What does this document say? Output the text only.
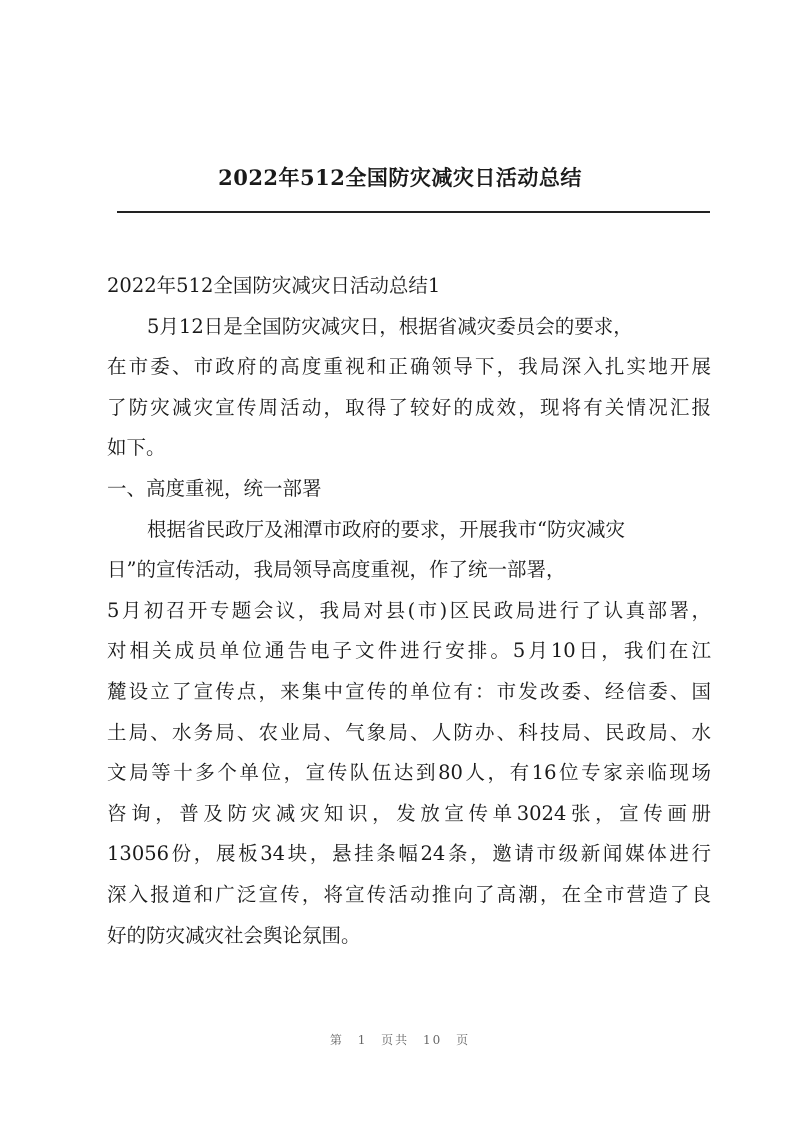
2022年512全国防灾减灾日活动总结

2022年512全国防灾减灾日活动总结1

5月12日是全国防灾减灾日，根据省减灾委员会的要求，
在市委、市政府的高度重视和正确领导下，我局深入扎实地开展
了防灾减灾宣传周活动，取得了较好的成效，现将有关情况汇报
如下。

一、高度重视，统一部署

根据省民政厅及湘潭市政府的要求，开展我市“防灾减灾
日”的宣传活动，我局领导高度重视，作了统一部署，
5月初召开专题会议，我局对县(市)区民政局进行了认真部署，
对相关成员单位通告电子文件进行安排。5月10日，我们在江
麓设立了宣传点，来集中宣传的单位有：市发改委、经信委、国
土局、水务局、农业局、气象局、人防办、科技局、民政局、水
文局等十多个单位，宣传队伍达到80人，有16位专家亲临现场
咨询，普及防灾减灾知识，发放宣传单3024张，宣传画册
13056份，展板34块，悬挂条幅24条，邀请市级新闻媒体进行
深入报道和广泛宣传，将宣传活动推向了高潮，在全市营造了良
好的防灾减灾社会舆论氛围。

第 1 页共 10 页
